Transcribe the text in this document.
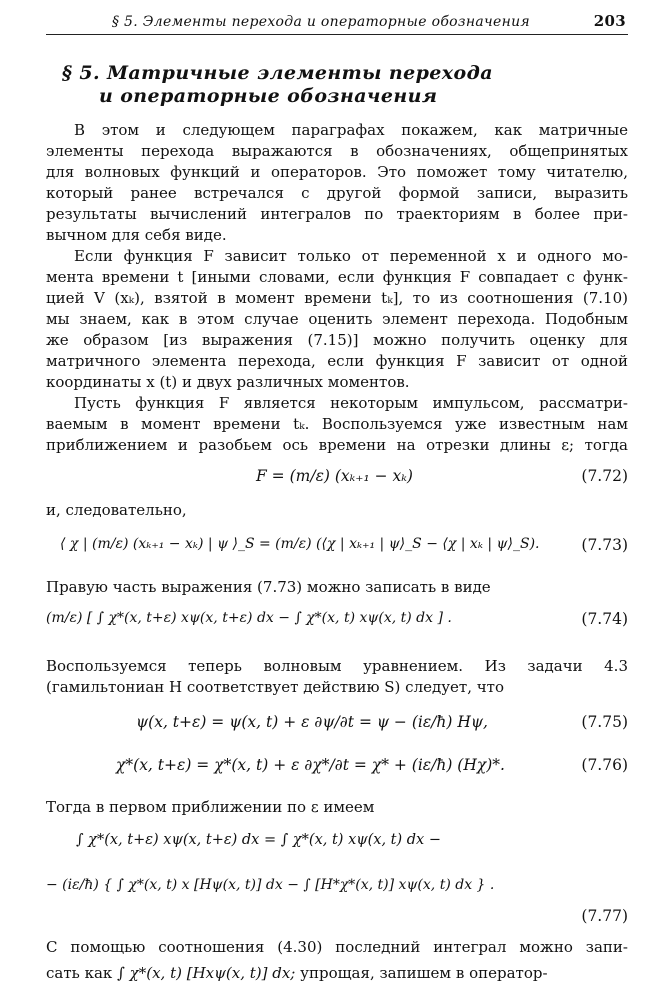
§ 5. Элементы перехода и операторные обозначения	203
§ 5. Матричные элементы перехода
и операторные обозначения
В этом и следующем параграфах покажем, как матричные
элементы перехода выражаются в обозначениях, общепринятых
для волновых функций и операторов. Это поможет тому читателю,
который ранее встречался с другой формой записи, выразить
результаты вычислений интегралов по траекториям в более при-
вычном для себя виде.
Если функция F зависит только от переменной x и одного мо-
мента времени t [иными словами, если функция F совпадает с функ-
цией V (xₖ), взятой в момент времени tₖ], то из соотношения (7.10)
мы знаем, как в этом случае оценить элемент перехода. Подобным
же образом [из выражения (7.15)] можно получить оценку для
матричного элемента перехода, если функция F зависит от одной
координаты x (t) и двух различных моментов.
Пусть функция F является некоторым импульсом, рассматри-
ваемым в момент времени tₖ. Воспользуемся уже известным нам
приближением и разобьем ось времени на отрезки длины ε; тогда
F = (m/ε) (xₖ₊₁ − xₖ)	(7.72)
и, следовательно,
⟨ χ | (m/ε) (xₖ₊₁ − xₖ) | ψ ⟩_S = (m/ε) (⟨χ | xₖ₊₁ | ψ⟩_S − ⟨χ | xₖ | ψ⟩_S).	(7.73)
Правую часть выражения (7.73) можно записать в виде
(m/ε) [ ∫ χ*(x, t+ε) xψ(x, t+ε) dx − ∫ χ*(x, t) xψ(x, t) dx ] .	(7.74)
Воспользуемся теперь волновым уравнением. Из задачи 4.3
(гамильтониан H соответствует действию S) следует, что
ψ(x, t+ε) = ψ(x, t) + ε ∂ψ/∂t = ψ − (iε/ħ) Hψ,	(7.75)
χ*(x, t+ε) = χ*(x, t) + ε ∂χ*/∂t = χ* + (iε/ħ) (Hχ)*.	(7.76)
Тогда в первом приближении по ε имеем
∫ χ*(x, t+ε) xψ(x, t+ε) dx = ∫ χ*(x, t) xψ(x, t) dx −
− (iε/ħ) { ∫ χ*(x, t) x [Hψ(x, t)] dx − ∫ [H*χ*(x, t)] xψ(x, t) dx } .
(7.77)
С помощью соотношения (4.30) последний интеграл можно запи-
сать как ∫ χ*(x, t) [Hxψ(x, t)] dx; упрощая, запишем в оператор-
